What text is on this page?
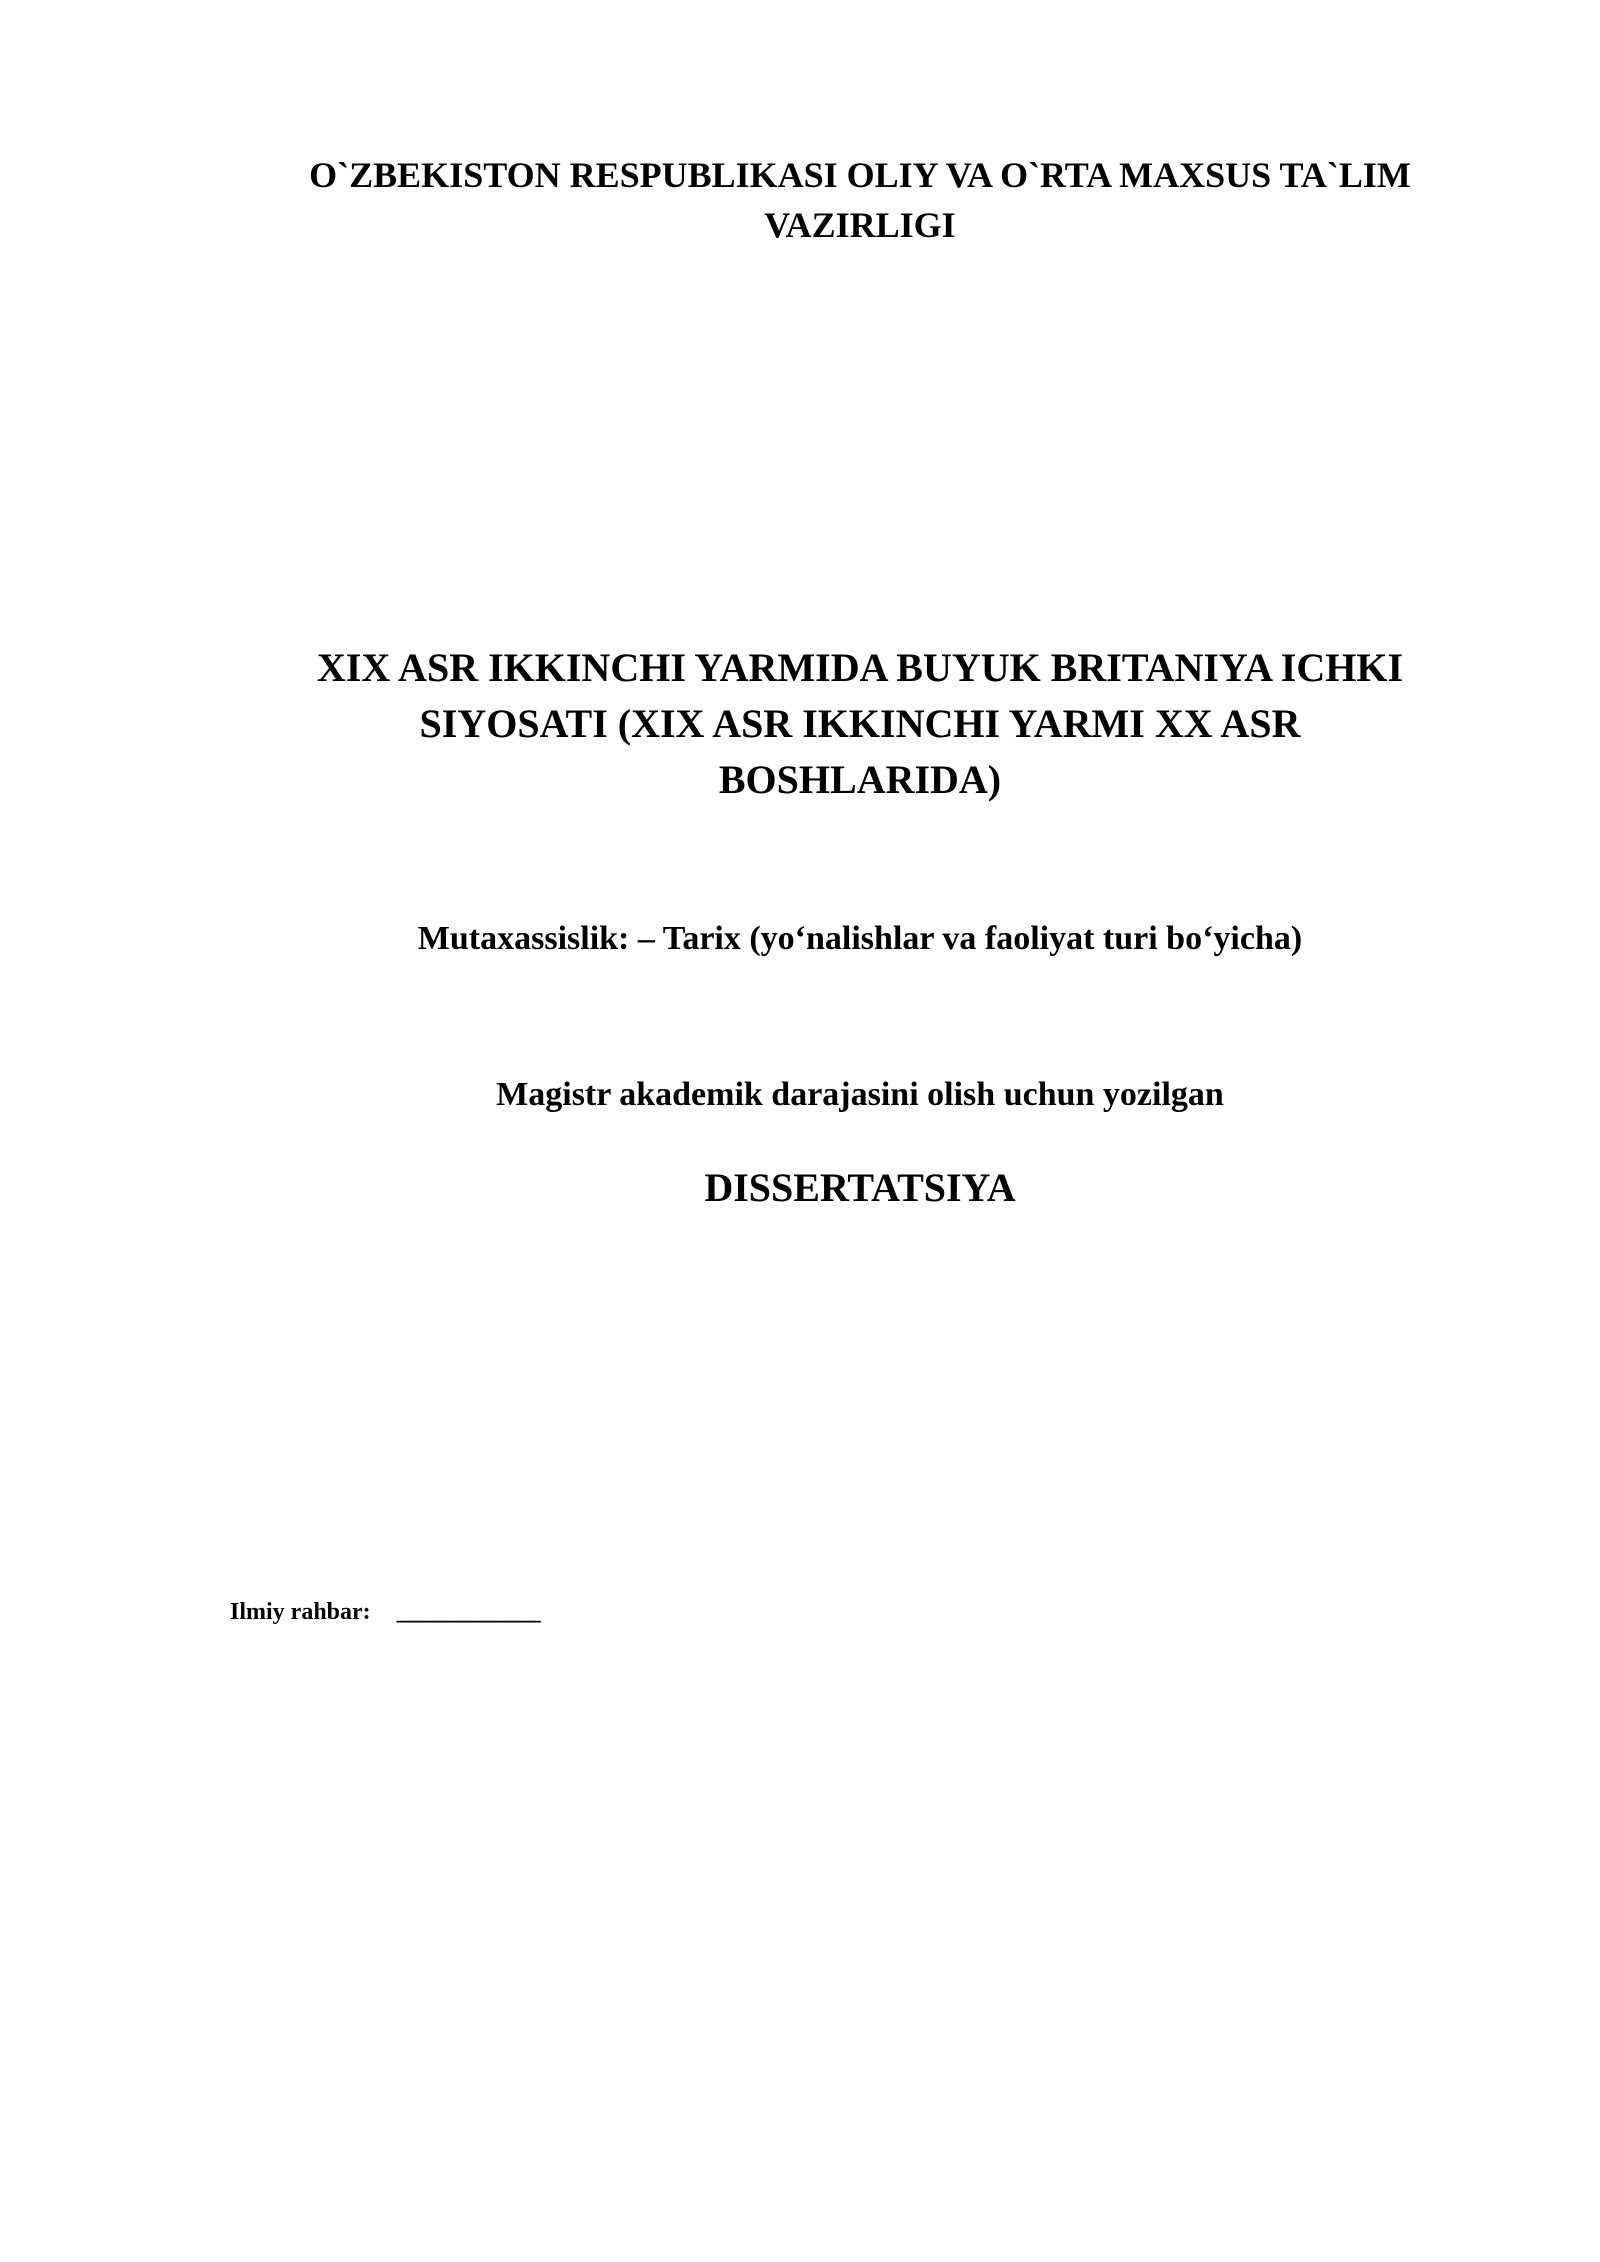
O`ZBEKISTON RESPUBLIKASI OLIY VA O`RTA MAXSUS TA`LIM
VAZIRLIGI
XIX ASR IKKINCHI YARMIDA BUYUK BRITANIYA ICHKI
SIYOSATI (XIX ASR IKKINCHI YARMI XX ASR
BOSHLARIDA)
Mutaxassislik: – Tarix (yo‘nalishlar va faoliyat turi bo‘yicha)
Magistr akademik darajasini olish uchun yozilgan
DISSERTATSIYA
Ilmiy rahbar: ____________
